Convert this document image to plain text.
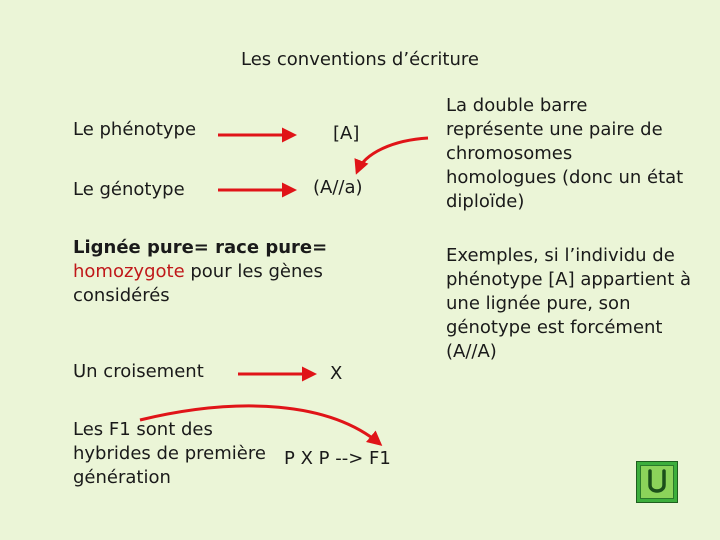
Les conventions d’écriture
Le phénotype	[A]
Le génotype	(A//a)
Lignée pure= race pure=
homozygote pour les gènes considérés
Un croisement	X
Les F1 sont des hybrides de première génération
P X P --> F1
La double barre représente une paire de chromosomes homologues (donc un état diploïde)
Exemples, si l’individu de phénotype [A] appartient à une lignée pure, son génotype est forcément (A//A)
